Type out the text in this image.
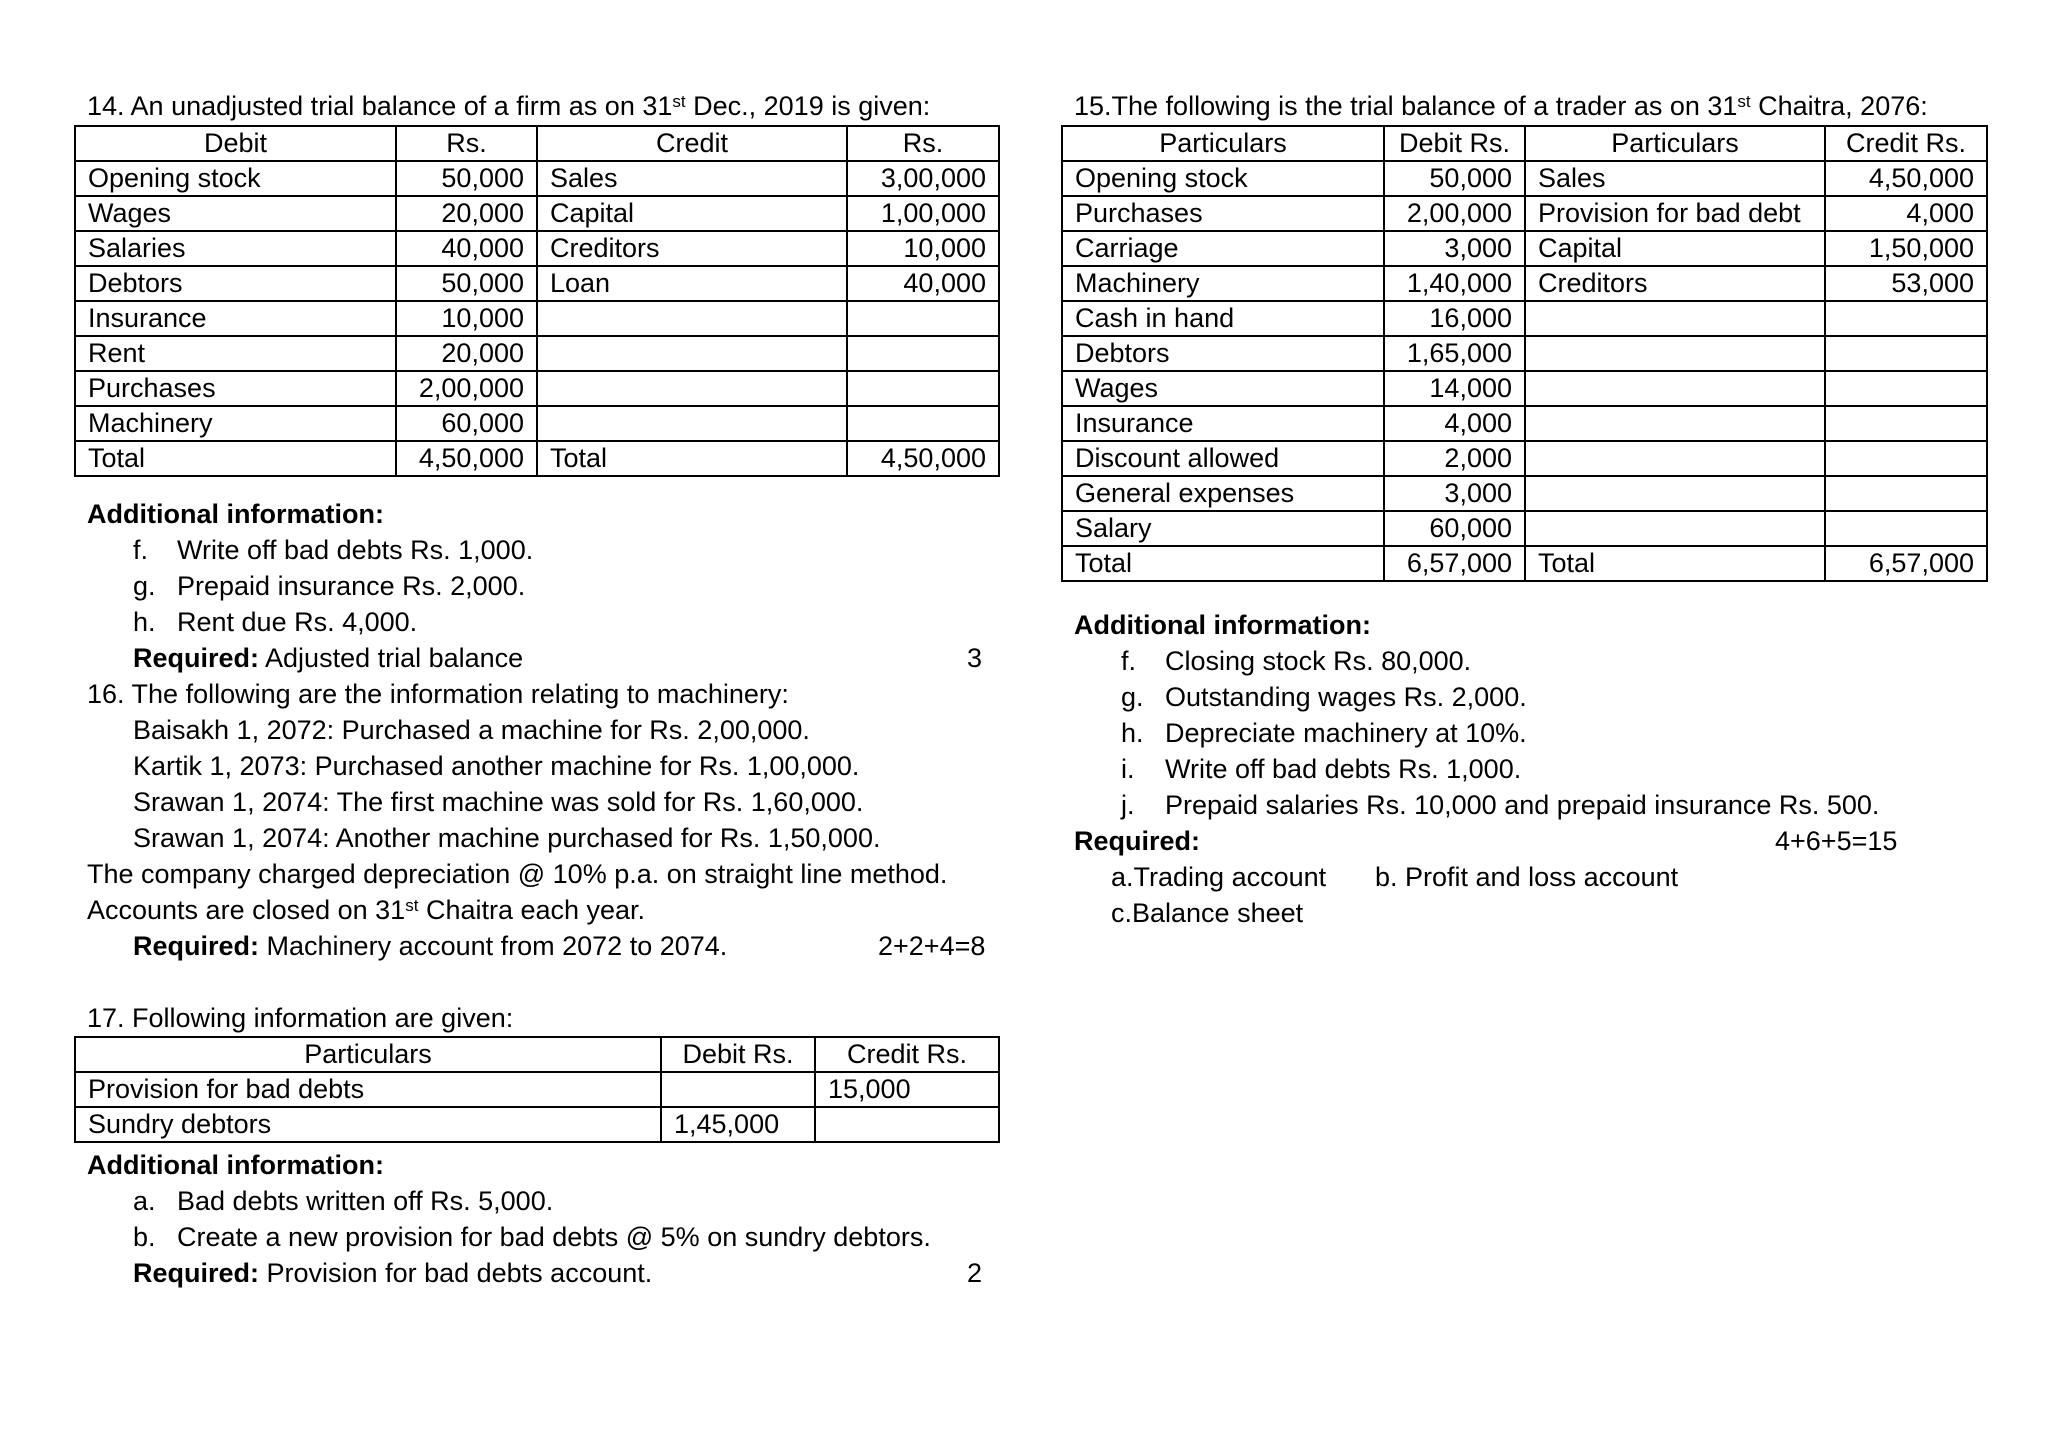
14. An unadjusted trial balance of a firm as on 31st Dec., 2019 is given:
Debit	Rs.	Credit	Rs.
Opening stock	50,000	Sales	3,00,000
Wages	20,000	Capital	1,00,000
Salaries	40,000	Creditors	10,000
Debtors	50,000	Loan	40,000
Insurance	10,000		
Rent	20,000		
Purchases	2,00,000		
Machinery	60,000		
Total	4,50,000	Total	4,50,000
Additional information:
f. Write off bad debts Rs. 1,000.
g. Prepaid insurance Rs. 2,000.
h. Rent due Rs. 4,000.
Required: Adjusted trial balance	3
16. The following are the information relating to machinery:
Baisakh 1, 2072: Purchased a machine for Rs. 2,00,000.
Kartik 1, 2073: Purchased another machine for Rs. 1,00,000.
Srawan 1, 2074: The first machine was sold for Rs. 1,60,000.
Srawan 1, 2074: Another machine purchased for Rs. 1,50,000.
The company charged depreciation @ 10% p.a. on straight line method.
Accounts are closed on 31st Chaitra each year.
Required: Machinery account from 2072 to 2074.	2+2+4=8
17. Following information are given:
Particulars	Debit Rs.	Credit Rs.
Provision for bad debts		15,000
Sundry debtors	1,45,000	
Additional information:
a. Bad debts written off Rs. 5,000.
b. Create a new provision for bad debts @ 5% on sundry debtors.
Required: Provision for bad debts account.	2
15.The following is the trial balance of a trader as on 31st Chaitra, 2076:
Particulars	Debit Rs.	Particulars	Credit Rs.
Opening stock	50,000	Sales	4,50,000
Purchases	2,00,000	Provision for bad debt	4,000
Carriage	3,000	Capital	1,50,000
Machinery	1,40,000	Creditors	53,000
Cash in hand	16,000		
Debtors	1,65,000		
Wages	14,000		
Insurance	4,000		
Discount allowed	2,000		
General expenses	3,000		
Salary	60,000		
Total	6,57,000	Total	6,57,000
Additional information:
f. Closing stock Rs. 80,000.
g. Outstanding wages Rs. 2,000.
h. Depreciate machinery at 10%.
i. Write off bad debts Rs. 1,000.
j. Prepaid salaries Rs. 10,000 and prepaid insurance Rs. 500.
Required:	4+6+5=15
a.Trading account b. Profit and loss account
c.Balance sheet
